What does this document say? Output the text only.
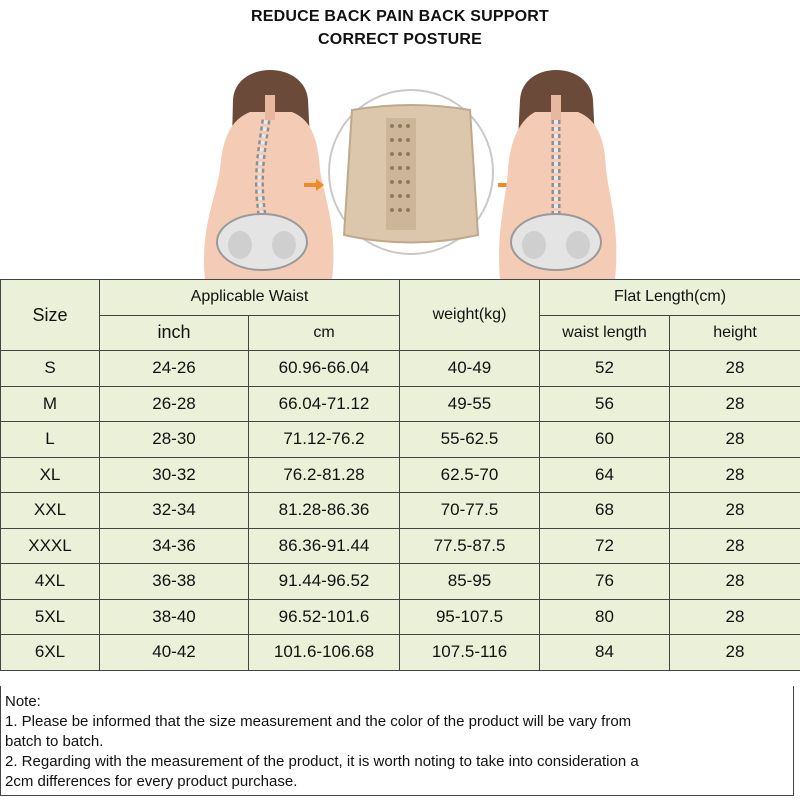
REDUCE BACK PAIN BACK SUPPORT
CORRECT POSTURE
Size	Applicable Waist		weight(kg)	Flat Length(cm)	
	inch	cm		waist length	height
S	24-26	60.96-66.04	40-49	52	28
M	26-28	66.04-71.12	49-55	56	28
L	28-30	71.12-76.2	55-62.5	60	28
XL	30-32	76.2-81.28	62.5-70	64	28
XXL	32-34	81.28-86.36	70-77.5	68	28
XXXL	34-36	86.36-91.44	77.5-87.5	72	28
4XL	36-38	91.44-96.52	85-95	76	28
5XL	38-40	96.52-101.6	95-107.5	80	28
6XL	40-42	101.6-106.68	107.5-116	84	28
Note:
1. Please be informed that the size measurement and the color of the product will be vary from
batch to batch.
2. Regarding with the measurement of the product, it is worth noting to take into consideration a
2cm differences for every product purchase.
